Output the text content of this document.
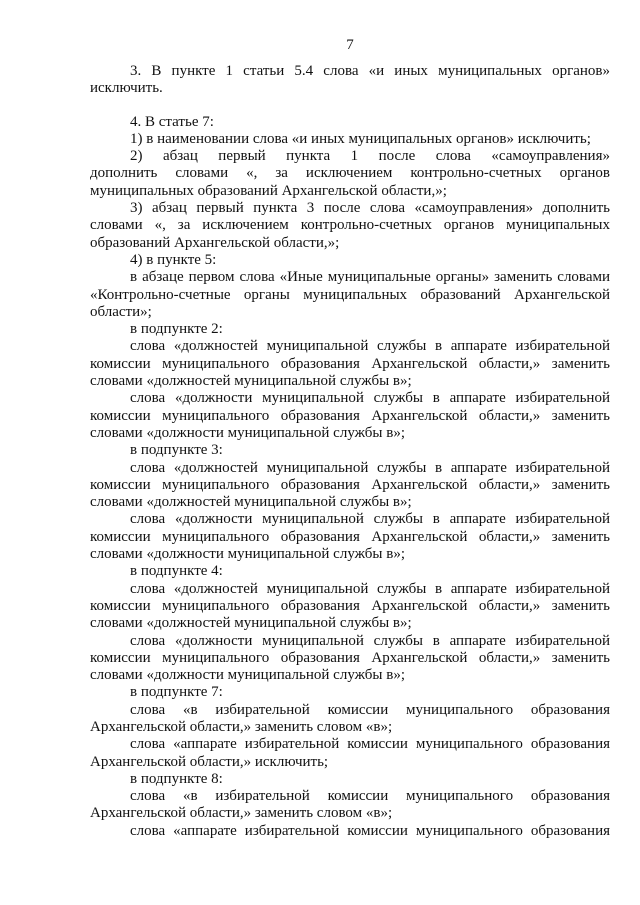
7
3. В пункте 1 статьи 5.4 слова «и иных муниципальных органов»
исключить.
4. В статье 7:
1) в наименовании слова «и иных муниципальных органов» исключить;
2) абзац первый пункта 1 после слова «самоуправления»
дополнить словами «, за исключением контрольно-счетных органов
муниципальных образований Архангельской области,»;
3) абзац первый пункта 3 после слова «самоуправления» дополнить
словами «, за исключением контрольно-счетных органов муниципальных
образований Архангельской области,»;
4) в пункте 5:
в абзаце первом слова «Иные муниципальные органы» заменить словами
«Контрольно-счетные органы муниципальных образований Архангельской
области»;
в подпункте 2:
слова «должностей муниципальной службы в аппарате избирательной
комиссии муниципального образования Архангельской области,» заменить
словами «должностей муниципальной службы в»;
слова «должности муниципальной службы в аппарате избирательной
комиссии муниципального образования Архангельской области,» заменить
словами «должности муниципальной службы в»;
в подпункте 3:
слова «должностей муниципальной службы в аппарате избирательной
комиссии муниципального образования Архангельской области,» заменить
словами «должностей муниципальной службы в»;
слова «должности муниципальной службы в аппарате избирательной
комиссии муниципального образования Архангельской области,» заменить
словами «должности муниципальной службы в»;
в подпункте 4:
слова «должностей муниципальной службы в аппарате избирательной
комиссии муниципального образования Архангельской области,» заменить
словами «должностей муниципальной службы в»;
слова «должности муниципальной службы в аппарате избирательной
комиссии муниципального образования Архангельской области,» заменить
словами «должности муниципальной службы в»;
в подпункте 7:
слова «в избирательной комиссии муниципального образования
Архангельской области,» заменить словом «в»;
слова «аппарате избирательной комиссии муниципального образования
Архангельской области,» исключить;
в подпункте 8:
слова «в избирательной комиссии муниципального образования
Архангельской области,» заменить словом «в»;
слова «аппарате избирательной комиссии муниципального образования
